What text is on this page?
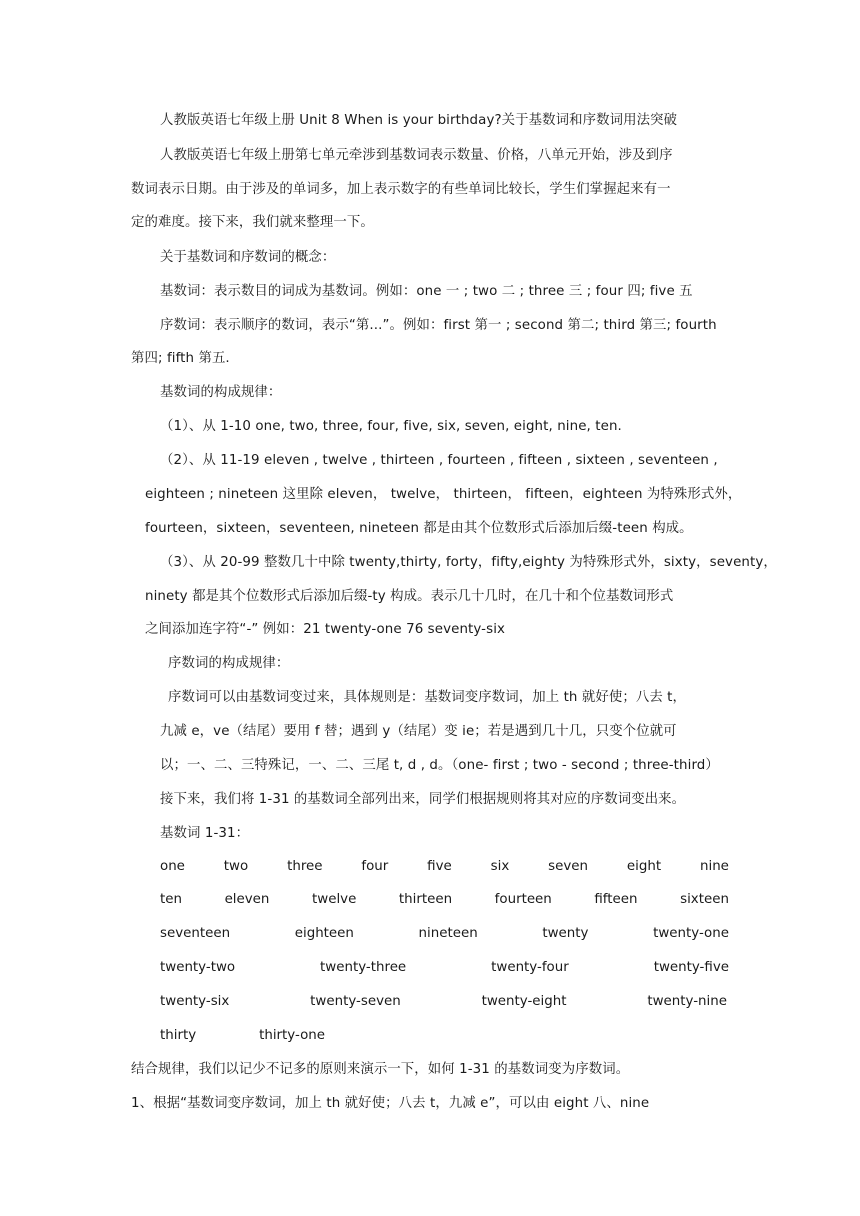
人教版英语七年级上册 Unit 8 When is your birthday?关于基数词和序数词用法突破
人教版英语七年级上册第七单元牵涉到基数词表示数量、价格，八单元开始，涉及到序
数词表示日期。由于涉及的单词多，加上表示数字的有些单词比较长，学生们掌握起来有一
定的难度。接下来，我们就来整理一下。
关于基数词和序数词的概念：
基数词：表示数目的词成为基数词。例如：one 一 ; two 二 ; three 三 ; four 四; five 五
序数词：表示顺序的数词，表示“第...”。例如：first 第一 ; second 第二; third 第三; fourth
第四; fifth 第五.
基数词的构成规律：
（1）、从 1-10 one, two, three, four, five, six, seven, eight, nine, ten.
（2）、从 11-19 eleven , twelve , thirteen , fourteen , fifteen , sixteen , seventeen ,
eighteen ; nineteen 这里除 eleven， twelve， thirteen， fifteen，eighteen 为特殊形式外，
fourteen，sixteen，seventeen, nineteen 都是由其个位数形式后添加后缀-teen 构成。
（3）、从 20-99 整数几十中除 twenty,thirty, forty，fifty,eighty 为特殊形式外，sixty，seventy，
ninety 都是其个位数形式后添加后缀-ty 构成。表示几十几时，在几十和个位基数词形式
之间添加连字符“-” 例如：21 twenty-one 76 seventy-six
序数词的构成规律：
序数词可以由基数词变过来，具体规则是：基数词变序数词，加上 th 就好使；八去 t，
九减 e，ve（结尾）要用 f 替；遇到 y（结尾）变 ie；若是遇到几十几，只变个位就可
以；一、二、三特殊记，一、二、三尾 t, d , d。（one- first ; two - second ; three-third）
接下来，我们将 1-31 的基数词全部列出来，同学们根据规则将其对应的序数词变出来。
基数词 1-31：
one	two	three	four	five	six	seven	eight	nine
ten	eleven	twelve	thirteen	fourteen	fifteen	sixteen
seventeen	eighteen	nineteen	twenty	twenty-one
twenty-two	twenty-three	twenty-four	twenty-five
twenty-six	twenty-seven	twenty-eight	twenty-nine
thirty	thirty-one
结合规律，我们以记少不记多的原则来演示一下，如何 1-31 的基数词变为序数词。
1、根据“基数词变序数词，加上 th 就好使；八去 t，九减 e”，可以由 eight 八、nine
